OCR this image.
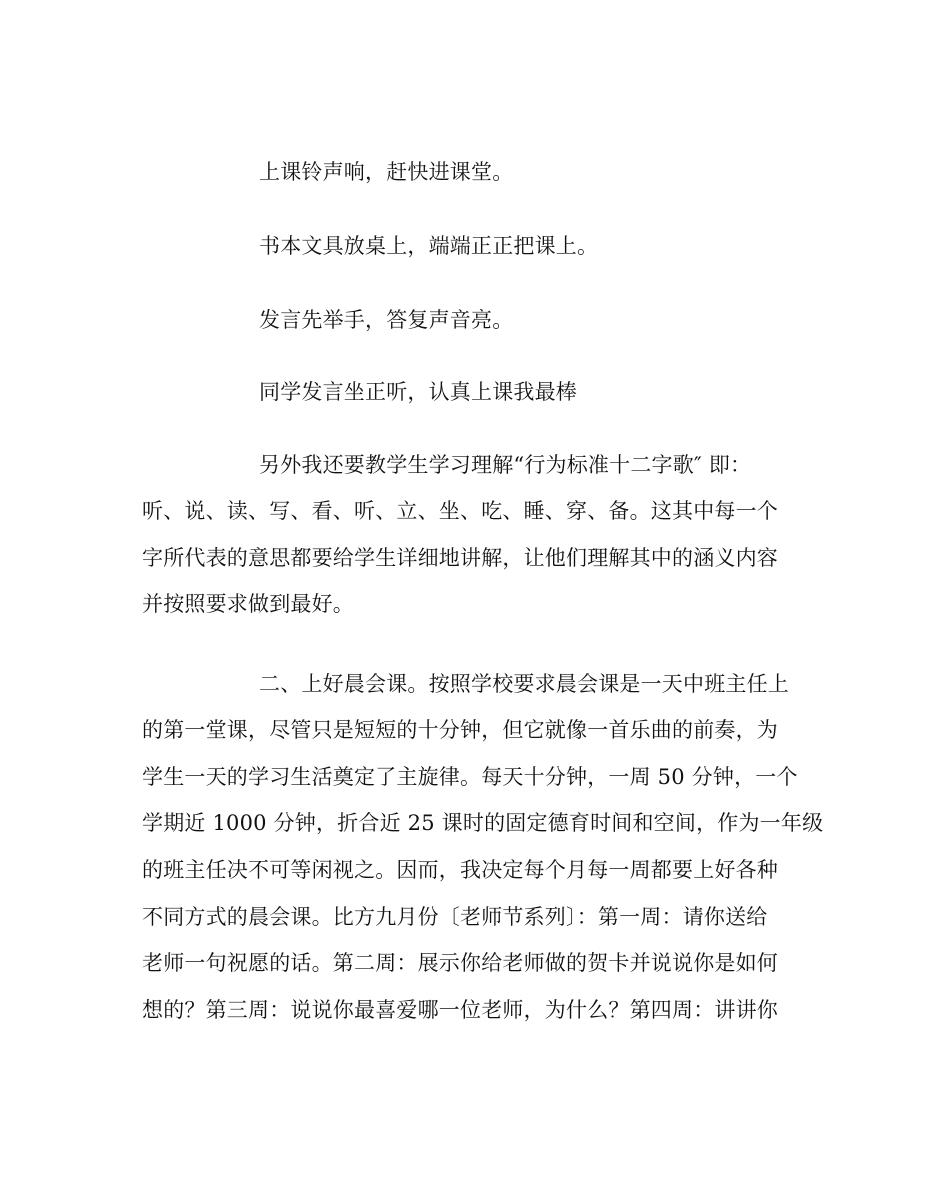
上课铃声响，赶快进课堂。
书本文具放桌上，端端正正把课上。
发言先举手，答复声音亮。
同学发言坐正听，认真上课我最棒
另外我还要教学生学习理解“行为标准十二字歌″ 即：
听、说、读、写、看、听、立、坐、吃、睡、穿、备。这其中每一个
字所代表的意思都要给学生详细地讲解，让他们理解其中的涵义内容
并按照要求做到最好。
二、上好晨会课。按照学校要求晨会课是一天中班主任上
的第一堂课，尽管只是短短的十分钟，但它就像一首乐曲的前奏，为
学生一天的学习生活奠定了主旋律。每天十分钟，一周 50 分钟，一个
学期近 1000 分钟，折合近 25 课时的固定德育时间和空间，作为一年级
的班主任决不可等闲视之。因而，我决定每个月每一周都要上好各种
不同方式的晨会课。比方九月份〔老师节系列〕：第一周：请你送给
老师一句祝愿的话。第二周：展示你给老师做的贺卡并说说你是如何
想的？第三周：说说你最喜爱哪一位老师，为什么？第四周：讲讲你
